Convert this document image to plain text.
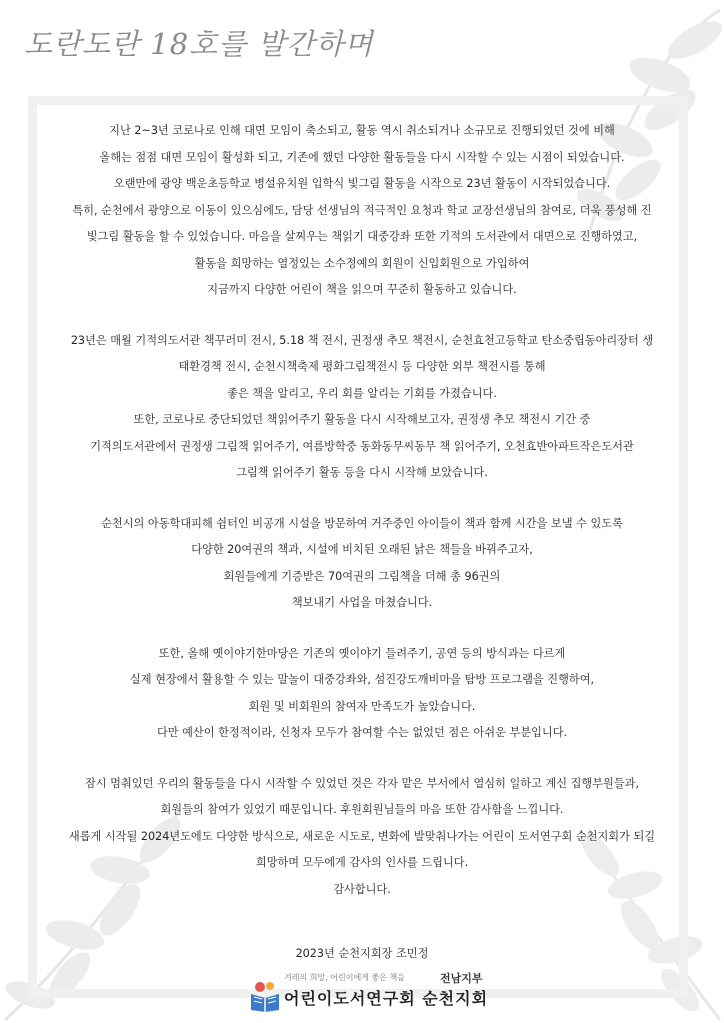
도란도란 18호를 발간하며

지난 2~3년 코로나로 인해 대면 모임이 축소되고, 활동 역시 취소되거나 소규모로 진행되었던 것에 비해

올해는 점점 대면 모임이 활성화 되고, 기존에 했던 다양한 활동들을 다시 시작할 수 있는 시점이 되었습니다.

오랜만에 광양 백운초등학교 병설유치원 입학식 빛그림 활동을 시작으로 23년 활동이 시작되었습니다.

특히, 순천에서 광양으로 이동이 있으심에도, 담당 선생님의 적극적인 요청과 학교 교장선생님의 참여로, 더욱 풍성해 진

빛그림 활동을 할 수 있었습니다. 마음을 살찌우는 책읽기 대중강좌 또한 기적의 도서관에서 대면으로 진행하였고,

활동을 희망하는 열정있는 소수정예의 회원이 신입회원으로 가입하여

지금까지 다양한 어린이 책을 읽으며 꾸준히 활동하고 있습니다.

23년은 매월 기적의도서관 책꾸러미 전시, 5.18 책 전시, 권정생 추모 책전시, 순천효천고등학교 탄소중립동아리장터 생

태환경책 전시, 순천시책축제 평화그림책전시 등 다양한 외부 책전시를 통해

좋은 책을 알리고, 우리 회를 알리는 기회를 가졌습니다.

또한, 코로나로 중단되었던 책읽어주기 활동을 다시 시작해보고자, 권정생 추모 책전시 기간 중

기적의도서관에서 권정생 그림책 읽어주기, 여름방학중 동화동무씨동무 책 읽어주기, 오천효반아파트작은도서관

그림책 읽어주기 활동 등을 다시 시작해 보았습니다.

순천시의 아동학대피해 쉼터인 비공개 시설을 방문하여 거주중인 아이들이 책과 함께 시간을 보낼 수 있도록

다양한 20여권의 책과, 시설에 비치된 오래된 낡은 책들을 바꿔주고자,

회원들에게 기증받은 70여권의 그림책을 더해 총 96권의

책보내기 사업을 마쳤습니다.

또한, 올해 옛이야기한마당은 기존의 옛이야기 들려주기, 공연 등의 방식과는 다르게

실제 현장에서 활용할 수 있는 말놀이 대중강좌와, 섬진강도깨비마을 탐방 프로그램을 진행하여,

회원 및 비회원의 참여자 만족도가 높았습니다.

다만 예산이 한정적이라, 신청자 모두가 참여할 수는 없었던 점은 아쉬운 부분입니다.

잠시 멈춰있던 우리의 활동들을 다시 시작할 수 있었던 것은 각자 맡은 부서에서 열심히 일하고 계신 집행부원들과,

회원들의 참여가 있었기 때문입니다. 후원회원님들의 마음 또한 감사함을 느낍니다.

새롭게 시작될 2024년도에도 다양한 방식으로, 새로운 시도로, 변화에 발맞춰나가는 어린이 도서연구회 순천지회가 되길

희망하며 모두에게 감사의 인사를 드립니다.

감사합니다.

2023년 순천지회장 조민정

겨레의 희망, 어린이에게 좋은 책을	전남지부
어린이도서연구회 순천지회
